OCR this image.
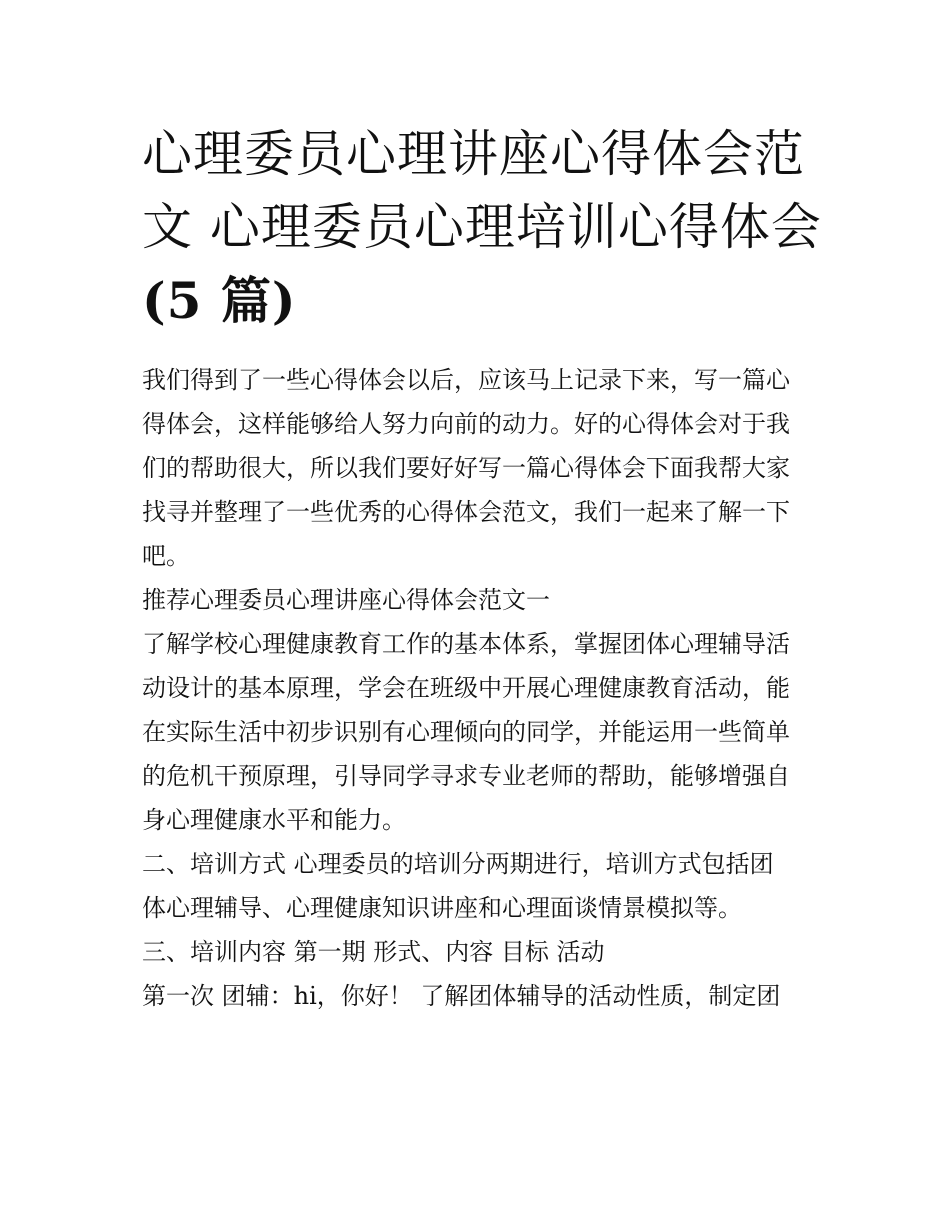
心理委员心理讲座心得体会范
文 心理委员心理培训心得体会
(5 篇)
我们得到了一些心得体会以后，应该马上记录下来，写一篇心
得体会，这样能够给人努力向前的动力。好的心得体会对于我
们的帮助很大，所以我们要好好写一篇心得体会下面我帮大家
找寻并整理了一些优秀的心得体会范文，我们一起来了解一下
吧。
推荐心理委员心理讲座心得体会范文一
了解学校心理健康教育工作的基本体系，掌握团体心理辅导活
动设计的基本原理，学会在班级中开展心理健康教育活动，能
在实际生活中初步识别有心理倾向的同学，并能运用一些简单
的危机干预原理，引导同学寻求专业老师的帮助，能够增强自
身心理健康水平和能力。
二、培训方式 心理委员的培训分两期进行，培训方式包括团
体心理辅导、心理健康知识讲座和心理面谈情景模拟等。
三、培训内容 第一期 形式、内容 目标 活动
第一次 团辅：hi，你好！ 了解团体辅导的活动性质，制定团
